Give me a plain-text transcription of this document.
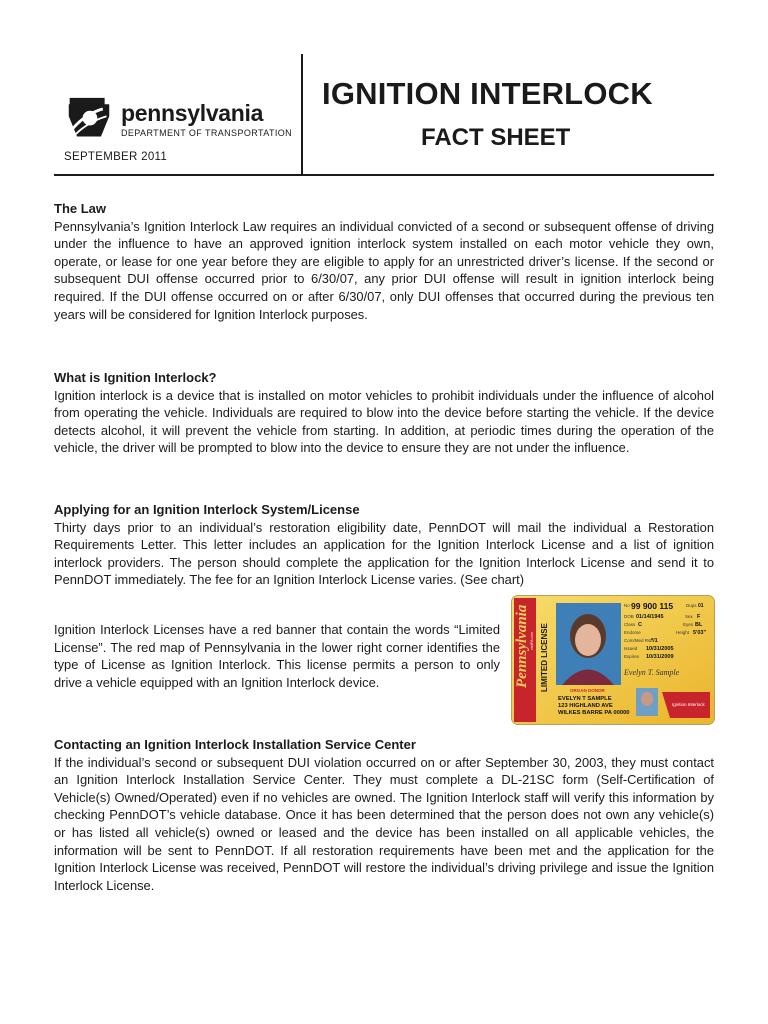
pennsylvania
DEPARTMENT OF TRANSPORTATION
SEPTEMBER 2011
IGNITION INTERLOCK
FACT SHEET
The Law

Pennsylvania’s Ignition Interlock Law requires an individual convicted of a second or subsequent offense of driving under the influence to have an approved ignition interlock system installed on each motor vehicle they own, operate, or lease for one year before they are eligible to apply for an unrestricted driver’s license. If the second or subsequent DUI offense occurred prior to 6/30/07, any prior DUI offense will result in ignition interlock being required. If the DUI offense occurred on or after 6/30/07, only DUI offenses that occurred during the previous ten years will be considered for Ignition Interlock purposes.

What is Ignition Interlock?

Ignition interlock is a device that is installed on motor vehicles to prohibit individuals under the influence of alcohol from operating the vehicle. Individuals are required to blow into the device before starting the vehicle. If the device detects alcohol, it will prevent the vehicle from starting. In addition, at periodic times during the operation of the vehicle, the driver will be prompted to blow into the device to ensure they are not under the influence.

Applying for an Ignition Interlock System/License

Thirty days prior to an individual’s restoration eligibility date, PennDOT will mail the individual a Restoration Requirements Letter. This letter includes an application for the Ignition Interlock License and a list of ignition interlock providers. The person should complete the application for the Ignition Interlock License and send it to PennDOT immediately. The fee for an Ignition Interlock License varies. (See chart)

Ignition Interlock Licenses have a red banner that contain the words “Limited License”. The red map of Pennsylvania in the lower right corner identifies the type of License as Ignition Interlock. This license permits a person to only drive a vehicle equipped with an Ignition Interlock device.	Pennsylvania visitPA.com LIMITED LICENSE
No 99 900 115	Dups 01
DOB 01/14/1945	Sex F
Class C	Eyes BL
Endorse	Height 5'03"
Com/Med Rstr
*/1
Issued 10/31/2005
Expires 10/31/2009
ORGAN DONOR
Evelyn T. Sample
EVELYN T SAMPLE
123 HIGHLAND AVE
WILKES BARRE PA 00000
Ignition Interlock
Contacting an Ignition Interlock Installation Service Center

If the individual’s second or subsequent DUI violation occurred on or after September 30, 2003, they must contact an Ignition Interlock Installation Service Center. They must complete a DL-21SC form (Self-Certification of Vehicle(s) Owned/Operated) even if no vehicles are owned. The Ignition Interlock staff will verify this information by checking PennDOT’s vehicle database. Once it has been determined that the person does not own any vehicle(s) or has listed all vehicle(s) owned or leased and the device has been installed on all applicable vehicles, the information will be sent to PennDOT. If all restoration requirements have been met and the application for the Ignition Interlock License was received, PennDOT will restore the individual’s driving privilege and issue the Ignition Interlock License.
